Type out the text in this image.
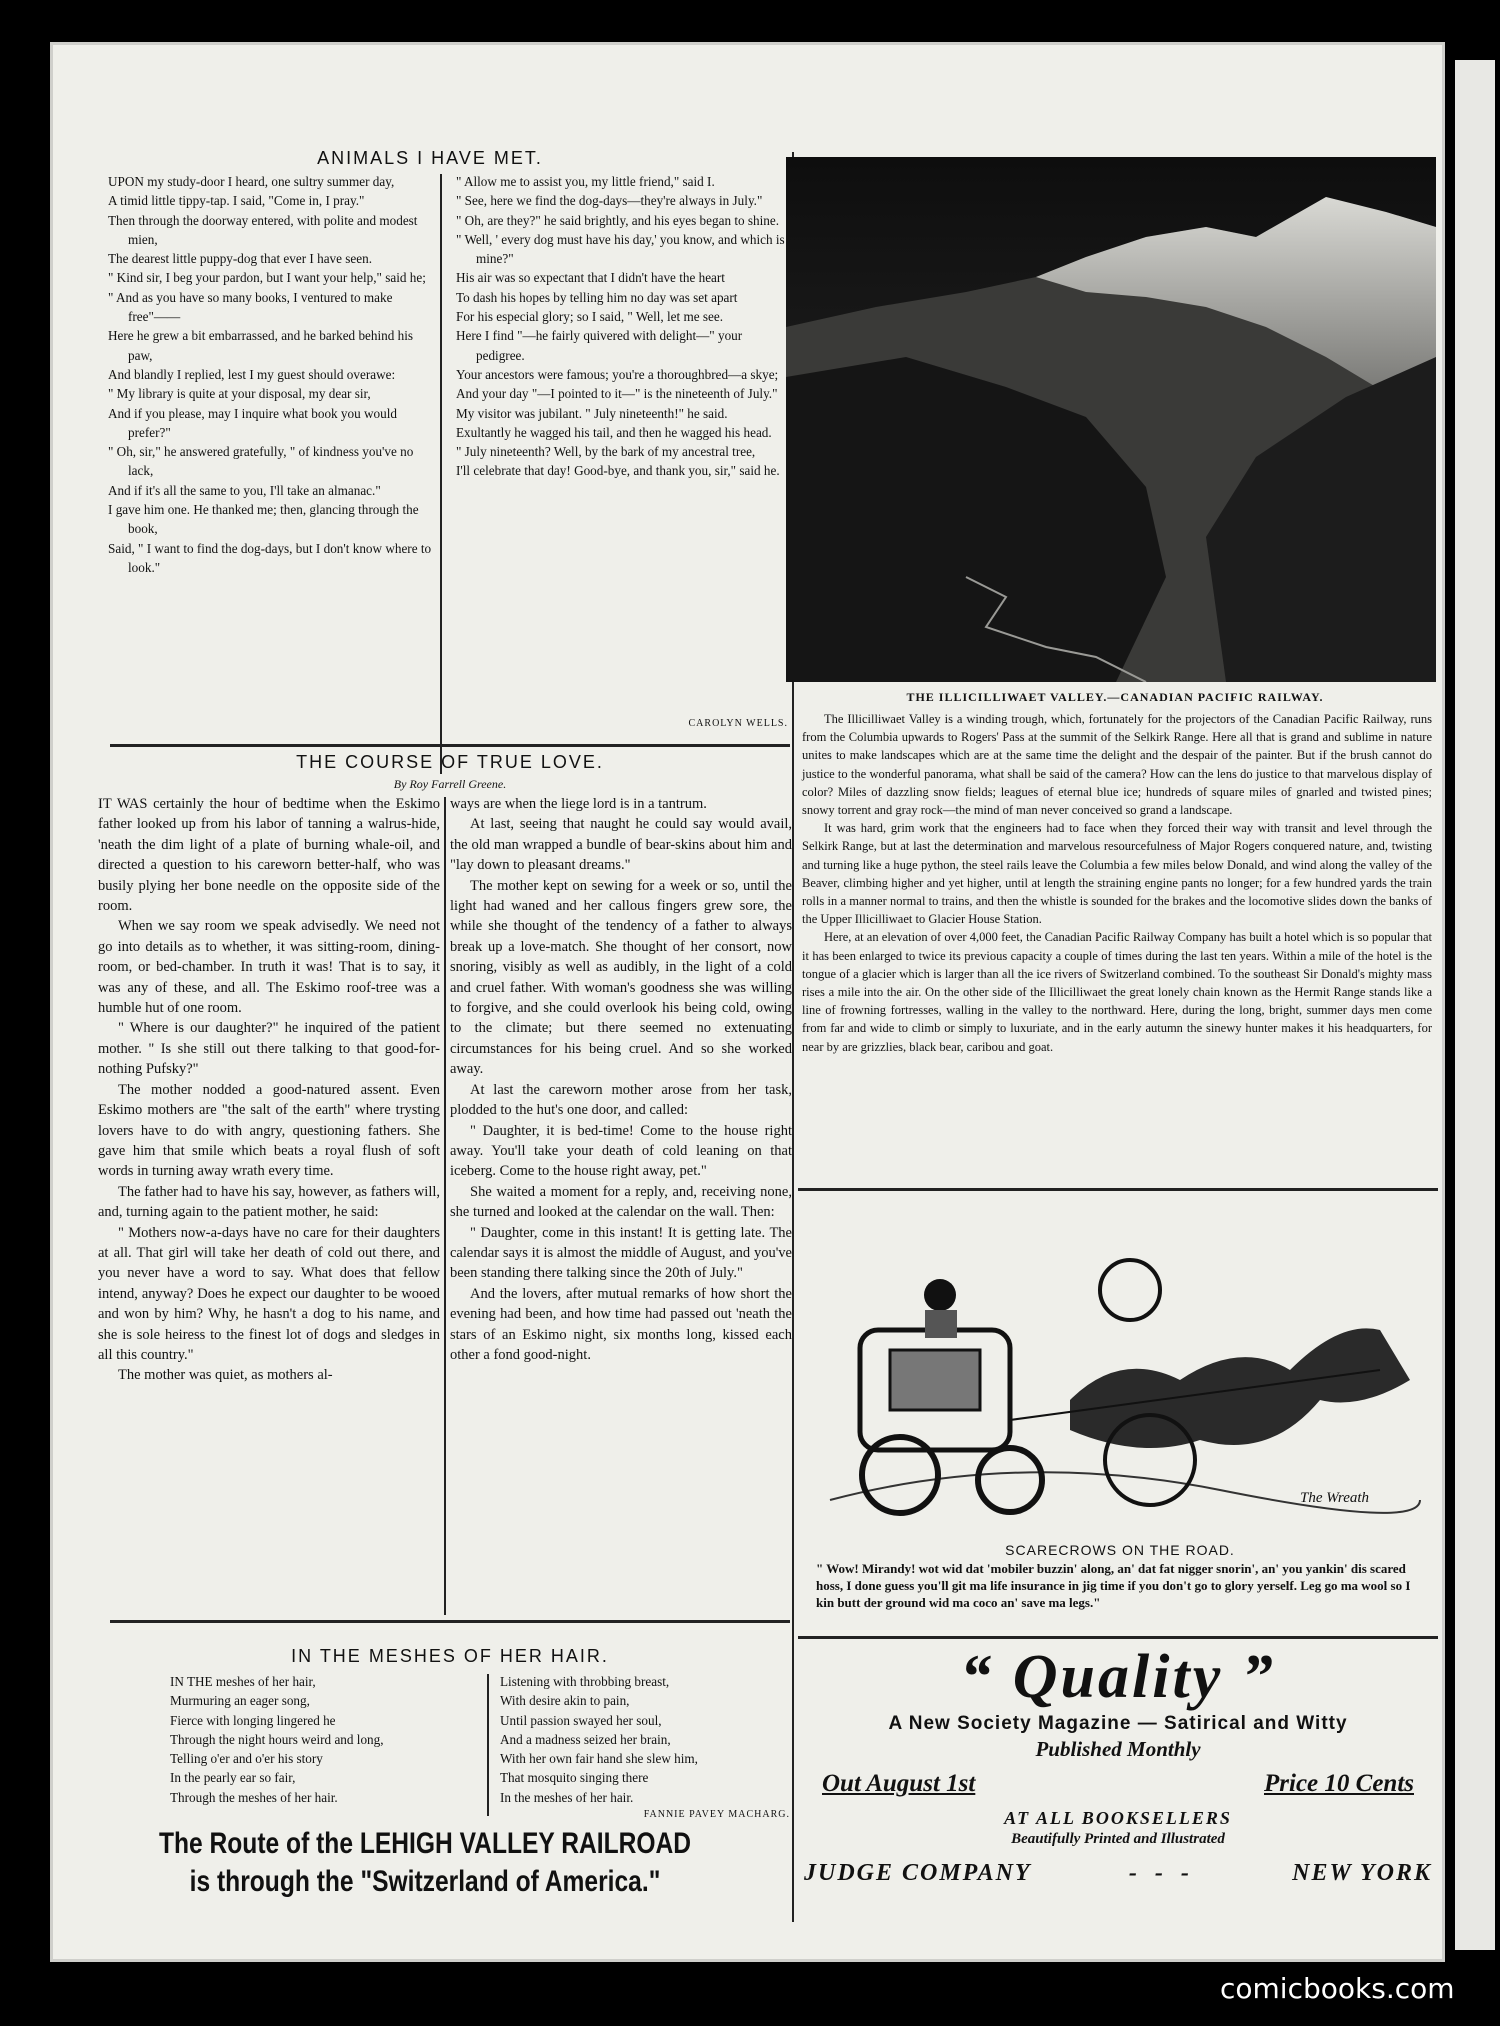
ANIMALS I HAVE MET.
UPON my study-door I heard, one sultry summer day,
A timid little tippy-tap. I said, "Come in, I pray."
Then through the doorway entered, with polite and modest mien,
The dearest little puppy-dog that ever I have seen.
" Kind sir, I beg your pardon, but I want your help," said he;
" And as you have so many books, I ventured to make free"——
Here he grew a bit embarrassed, and he barked behind his paw,
And blandly I replied, lest I my guest should overawe:
" My library is quite at your disposal, my dear sir,
And if you please, may I inquire what book you would prefer?"
" Oh, sir," he answered gratefully, " of kindness you've no lack,
And if it's all the same to you, I'll take an almanac."
I gave him one. He thanked me; then, glancing through the book,
Said, " I want to find the dog-days, but I don't know where to look."
" Allow me to assist you, my little friend," said I.
" See, here we find the dog-days—they're always in July."
" Oh, are they?" he said brightly, and his eyes began to shine.
" Well, ' every dog must have his day,' you know, and which is mine?"
His air was so expectant that I didn't have the heart
To dash his hopes by telling him no day was set apart
For his especial glory; so I said, " Well, let me see.
Here I find "—he fairly quivered with delight—" your pedigree.
Your ancestors were famous; you're a thoroughbred—a skye;
And your day "—I pointed to it—" is the nineteenth of July."
My visitor was jubilant. " July nineteenth!" he said.
Exultantly he wagged his tail, and then he wagged his head.
" July nineteenth? Well, by the bark of my ancestral tree,
I'll celebrate that day! Good-bye, and thank you, sir," said he.
CAROLYN WELLS.
THE COURSE OF TRUE LOVE.
By Roy Farrell Greene.

IT WAS certainly the hour of bedtime when the Eskimo father looked up from his labor of tanning a walrus-hide, 'neath the dim light of a plate of burning whale-oil, and directed a question to his careworn better-half, who was busily plying her bone needle on the opposite side of the room.

When we say room we speak advisedly. We need not go into details as to whether, it was sitting-room, dining-room, or bed-chamber. In truth it was! That is to say, it was any of these, and all. The Eskimo roof-tree was a humble hut of one room.

" Where is our daughter?" he inquired of the patient mother. " Is she still out there talking to that good-for-nothing Pufsky?"

The mother nodded a good-natured assent. Even Eskimo mothers are "the salt of the earth" where trysting lovers have to do with angry, questioning fathers. She gave him that smile which beats a royal flush of soft words in turning away wrath every time.

The father had to have his say, however, as fathers will, and, turning again to the patient mother, he said:

" Mothers now-a-days have no care for their daughters at all. That girl will take her death of cold out there, and you never have a word to say. What does that fellow intend, anyway? Does he expect our daughter to be wooed and won by him? Why, he hasn't a dog to his name, and she is sole heiress to the finest lot of dogs and sledges in all this country."

The mother was quiet, as mothers al-

ways are when the liege lord is in a tantrum.

At last, seeing that naught he could say would avail, the old man wrapped a bundle of bear-skins about him and "lay down to pleasant dreams."

The mother kept on sewing for a week or so, until the light had waned and her callous fingers grew sore, the while she thought of the tendency of a father to always break up a love-match. She thought of her consort, now snoring, visibly as well as audibly, in the light of a cold and cruel father. With woman's goodness she was willing to forgive, and she could overlook his being cold, owing to the climate; but there seemed no extenuating circumstances for his being cruel. And so she worked away.

At last the careworn mother arose from her task, plodded to the hut's one door, and called:

" Daughter, it is bed-time! Come to the house right away. You'll take your death of cold leaning on that iceberg. Come to the house right away, pet."

She waited a moment for a reply, and, receiving none, she turned and looked at the calendar on the wall. Then:

" Daughter, come in this instant! It is getting late. The calendar says it is almost the middle of August, and you've been standing there talking since the 20th of July."

And the lovers, after mutual remarks of how short the evening had been, and how time had passed out 'neath the stars of an Eskimo night, six months long, kissed each other a fond good-night.

IN THE MESHES OF HER HAIR.
IN THE meshes of her hair,
Murmuring an eager song,
Fierce with longing lingered he
Through the night hours weird and long,
Telling o'er and o'er his story
In the pearly ear so fair,
Through the meshes of her hair.
Listening with throbbing breast,
With desire akin to pain,
Until passion swayed her soul,
And a madness seized her brain,
With her own fair hand she slew him,
That mosquito singing there
In the meshes of her hair.
FANNIE PAVEY MACHARG.
The Route of the LEHIGH VALLEY RAILROAD
is through the "Switzerland of America."
THE ILLICILLIWAET VALLEY.—CANADIAN PACIFIC RAILWAY.

The Illicilliwaet Valley is a winding trough, which, fortunately for the projectors of the Canadian Pacific Railway, runs from the Columbia upwards to Rogers' Pass at the summit of the Selkirk Range. Here all that is grand and sublime in nature unites to make landscapes which are at the same time the delight and the despair of the painter. But if the brush cannot do justice to the wonderful panorama, what shall be said of the camera? How can the lens do justice to that marvelous display of color? Miles of dazzling snow fields; leagues of eternal blue ice; hundreds of square miles of gnarled and twisted pines; snowy torrent and gray rock—the mind of man never conceived so grand a landscape.

It was hard, grim work that the engineers had to face when they forced their way with transit and level through the Selkirk Range, but at last the determination and marvelous resourcefulness of Major Rogers conquered nature, and, twisting and turning like a huge python, the steel rails leave the Columbia a few miles below Donald, and wind along the valley of the Beaver, climbing higher and yet higher, until at length the straining engine pants no longer; for a few hundred yards the train rolls in a manner normal to trains, and then the whistle is sounded for the brakes and the locomotive slides down the banks of the Upper Illicilliwaet to Glacier House Station.

Here, at an elevation of over 4,000 feet, the Canadian Pacific Railway Company has built a hotel which is so popular that it has been enlarged to twice its previous capacity a couple of times during the last ten years. Within a mile of the hotel is the tongue of a glacier which is larger than all the ice rivers of Switzerland combined. To the southeast Sir Donald's mighty mass rises a mile into the air. On the other side of the Illicilliwaet the great lonely chain known as the Hermit Range stands like a line of frowning fortresses, walling in the valley to the northward. Here, during the long, bright, summer days men come from far and wide to climb or simply to luxuriate, and in the early autumn the sinewy hunter makes it his headquarters, for near by are grizzlies, black bear, caribou and goat.

The Wreath
SCARECROWS ON THE ROAD.
" Wow! Mirandy! wot wid dat 'mobiler buzzin' along, an' dat fat nigger snorin', an' you yankin' dis scared hoss, I done guess you'll git ma life insurance in jig time if you don't go to glory yerself. Leg go ma wool so I kin butt der ground wid ma coco an' save ma legs."
“ Quality ”
A New Society Magazine — Satirical and Witty
Published Monthly
Out August 1st	Price 10 Cents
AT ALL BOOKSELLERS
Beautifully Printed and Illustrated
JUDGE COMPANY	- - -	NEW YORK
comicbooks.com
